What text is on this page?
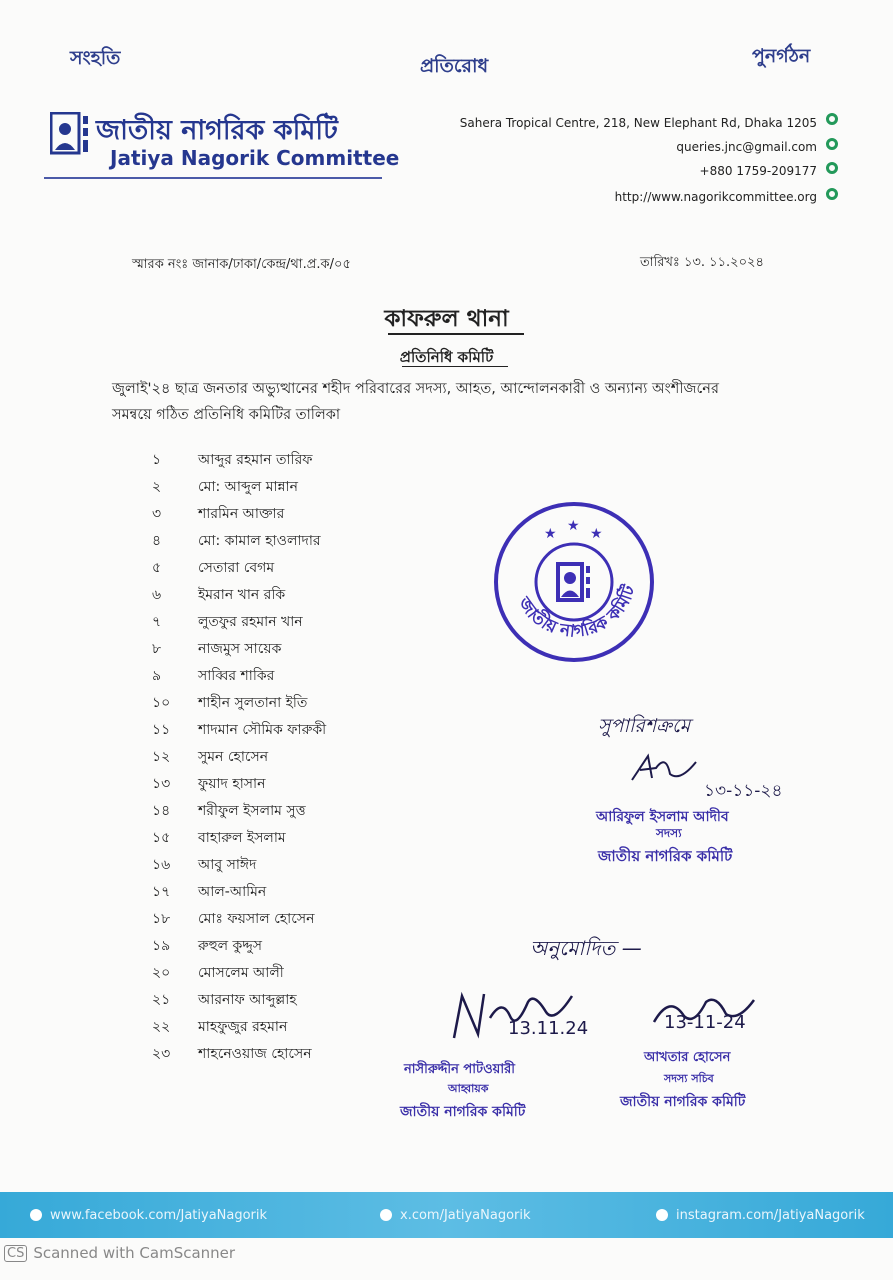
সংহতি	প্রতিরোধ	পুনর্গঠন
জাতীয় নাগরিক কমিটি
Jatiya Nagorik Committee
Sahera Tropical Centre, 218, New Elephant Rd, Dhaka 1205
queries.jnc@gmail.com
+880 1759-209177
http://www.nagorikcommittee.org
স্মারক নংঃ জানাক/ঢাকা/কেন্দ্র/থা.প্র.ক/০৫	তারিখঃ ১৩. ১১.২০২৪
কাফরুল থানা
প্রতিনিধি কমিটি
জুলাই'২৪ ছাত্র জনতার অভ্যুত্থানের শহীদ পরিবারের সদস্য, আহত, আন্দোলনকারী ও অন্যান্য অংশীজনের সমন্বয়ে গঠিত প্রতিনিধি কমিটির তালিকা
১	আব্দুর রহমান তারিফ
২	মো: আব্দুল মান্নান
৩	শারমিন আক্তার
৪	মো: কামাল হাওলাদার
৫	সেতারা বেগম
৬	ইমরান খান রকি
৭	লুতফুর রহমান খান
৮	নাজমুস সায়েক
৯	সাব্বির শাকির
১০	শাহীন সুলতানা ইতি
১১	শাদমান সৌমিক ফারুকী
১২	সুমন হোসেন
১৩	ফুয়াদ হাসান
১৪	শরীফুল ইসলাম সুত্ত
১৫	বাহারুল ইসলাম
১৬	আবু সাঈদ
১৭	আল-আমিন
১৮	মোঃ ফয়সাল হোসেন
১৯	রুহুল কুদ্দুস
২০	মোসলেম আলী
২১	আরনাফ আব্দুল্লাহ
২২	মাহফুজুর রহমান
২৩	শাহনেওয়াজ হোসেন
★ ★ ★
জাতীয় নাগরিক কমিটি
সুপারিশক্রমে
১৩-১১-২৪
আরিফুল ইসলাম আদীব
সদস্য
জাতীয় নাগরিক কমিটি
অনুমোদিত —
13.11.24
নাসীরুদ্দীন পাটওয়ারী
আহ্বায়ক
জাতীয় নাগরিক কমিটি
13-11-24
আখতার হোসেন
সদস্য সচিব
জাতীয় নাগরিক কমিটি
www.facebook.com/JatiyaNagorik	x.com/JatiyaNagorik	instagram.com/JatiyaNagorik
CS Scanned with CamScanner
